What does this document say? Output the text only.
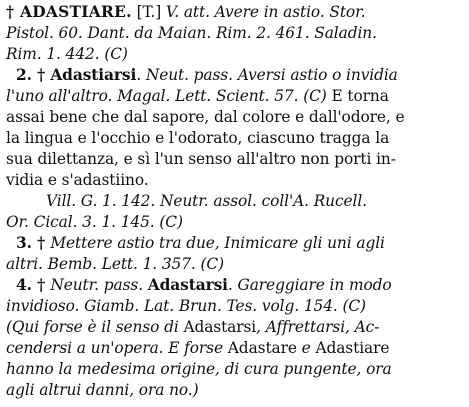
† ADASTIARE. [T.] V. att. Avere in astio. Stor.
Pistol. 60. Dant. da Maian. Rim. 2. 461. Saladin.
Rim. 1. 442. (C)
2. † Adastiarsi. Neut. pass. Aversi astio o invidia
l'uno all'altro. Magal. Lett. Scient. 57. (C) E torna
assai bene che dal sapore, dal colore e dall'odore, e
la lingua e l'occhio e l'odorato, ciascuno tragga la
sua dilettanza, e sì l'un senso all'altro non porti in-
vidia e s'adastiino.
Vill. G. 1. 142. Neutr. assol. coll'A. Rucell.
Or. Cical. 3. 1. 145. (C)
3. † Mettere astio tra due, Inimicare gli uni agli
altri. Bemb. Lett. 1. 357. (C)
4. † Neutr. pass. Adastarsi. Gareggiare in modo
invidioso. Giamb. Lat. Brun. Tes. volg. 154. (C)
(Qui forse è il senso di Adastarsi, Affrettarsi, Ac-
cendersi a un'opera. E forse Adastare e Adastiare
hanno la medesima origine, di cura pungente, ora
agli altrui danni, ora no.)
